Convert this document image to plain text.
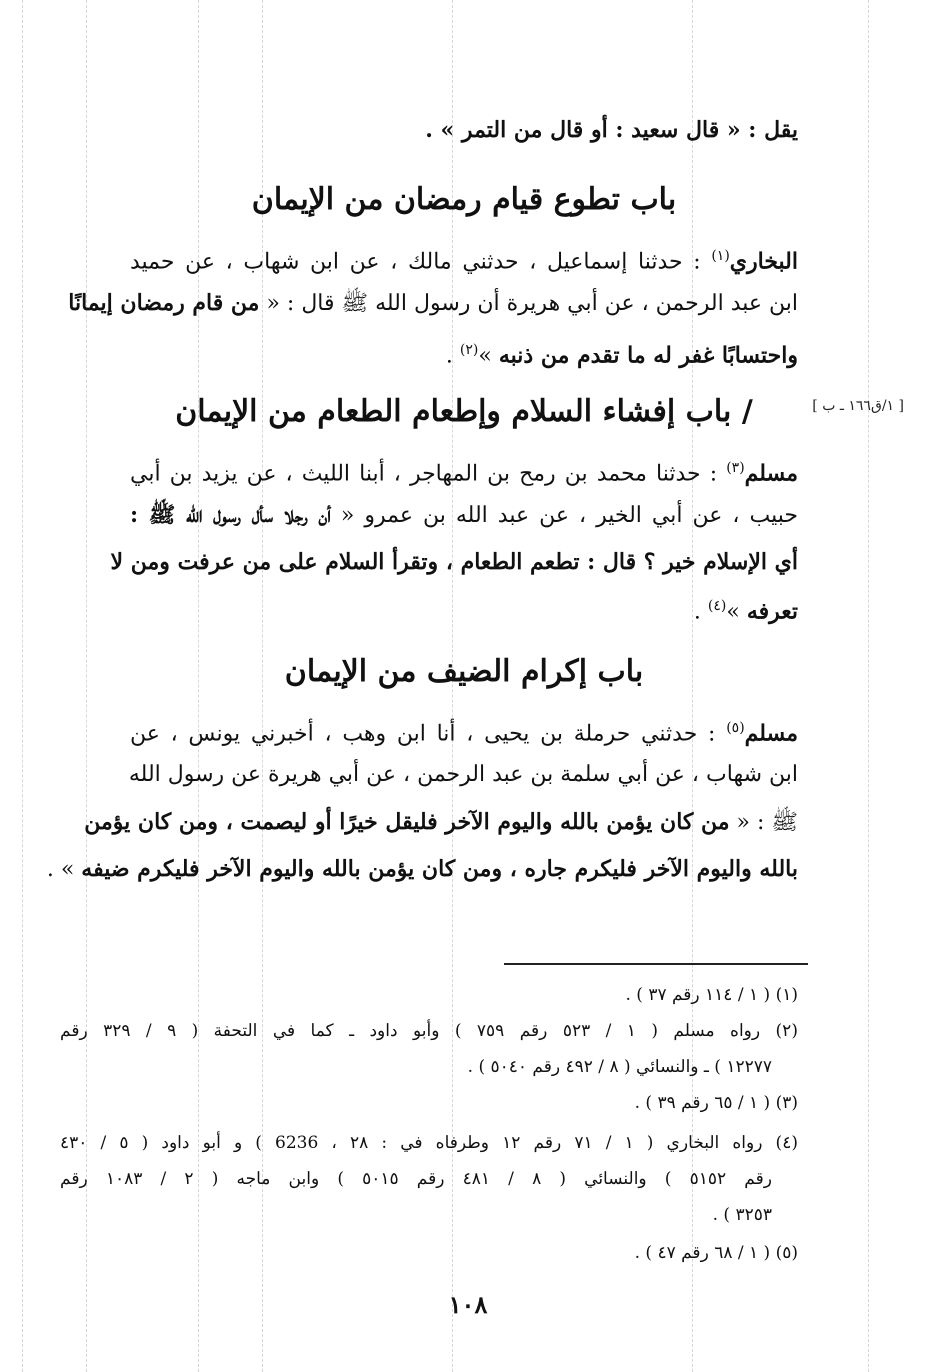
يقل : « قال سعيد : أو قال من التمر » .
باب تطوع قيام رمضان من الإيمان
البخاري$^{(١)}$ : حدثنا إسماعيل ، حدثني مالك ، عن ابن شهاب ، عن حميد
ابن عبد الرحمن ، عن أبي هريرة أن رسول الله ﷺ قال : « من قام رمضان إيمانًا
واحتسابًا غفر له ما تقدم من ذنبه »$^{(٢)}$ .
[ ١/ق١٦٦ ـ ب ]
/ باب إفشاء السلام وإطعام الطعام من الإيمان
مسلم$^{(٣)}$ : حدثنا محمد بن رمح بن المهاجر ، أبنا الليث ، عن يزيد بن أبي
حبيب ، عن أبي الخير ، عن عبد الله بن عمرو « أن رجلا سأل رسول الله ﷺ :
أي الإسلام خير ؟ قال : تطعم الطعام ، وتقرأ السلام على من عرفت ومن لا
تعرفه »$^{(٤)}$ .
باب إكرام الضيف من الإيمان
مسلم$^{(٥)}$ : حدثني حرملة بن يحيى ، أنا ابن وهب ، أخبرني يونس ، عن
ابن شهاب ، عن أبي سلمة بن عبد الرحمن ، عن أبي هريرة عن رسول الله
ﷺ : « من كان يؤمن بالله واليوم الآخر فليقل خيرًا أو ليصمت ، ومن كان يؤمن
بالله واليوم الآخر فليكرم جاره ، ومن كان يؤمن بالله واليوم الآخر فليكرم ضيفه » .
(١) ( ١ / ١١٤ رقم ٣٧ ) .
(٢) رواه مسلم ( ١ / ٥٢٣ رقم ٧٥٩ ) وأبو داود ـ كما في التحفة ( ٩ / ٣٢٩ رقم
١٢٢٧٧ ) ـ والنسائي ( ٨ / ٤٩٢ رقم ٥٠٤٠ ) .
(٣) ( ١ / ٦٥ رقم ٣٩ ) .
(٤) رواه البخاري ( ١ / ٧١ رقم ١٢ وطرفاه في : ٢٨ ، 6236 ) و أبو داود ( ٥ / ٤٣٠
رقم ٥١٥٢ ) والنسائي ( ٨ / ٤٨١ رقم ٥٠١٥ ) وابن ماجه ( ٢ / ١٠٨٣ رقم
٣٢٥٣ ) .
(٥) ( ١ / ٦٨ رقم ٤٧ ) .
١٠٨
